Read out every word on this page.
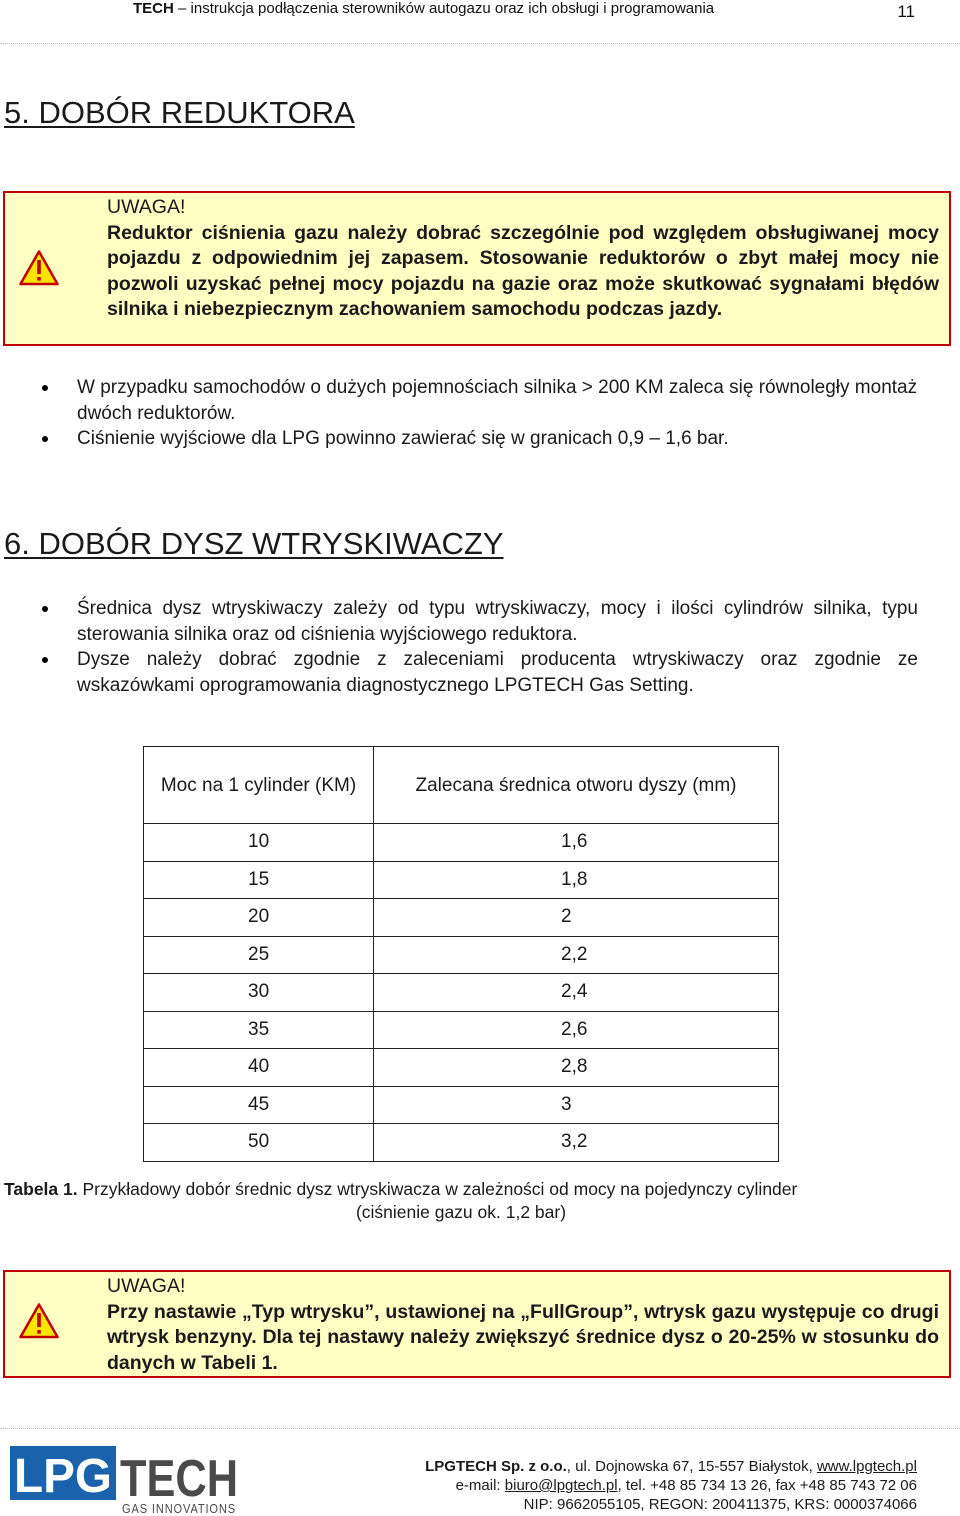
TECH – instrukcja podłączenia sterowników autogazu oraz ich obsługi i programowania	11
5. DOBÓR REDUKTORA
UWAGA!
Reduktor ciśnienia gazu należy dobrać szczególnie pod względem obsługiwanej mocy pojazdu z odpowiednim jej zapasem. Stosowanie reduktorów o zbyt małej mocy nie pozwoli uzyskać pełnej mocy pojazdu na gazie oraz może skutkować sygnałami błędów silnika i niebezpiecznym zachowaniem samochodu podczas jazdy.
W przypadku samochodów o dużych pojemnościach silnika > 200 KM zaleca się równoległy montaż dwóch reduktorów.
Ciśnienie wyjściowe dla LPG powinno zawierać się w granicach 0,9 – 1,6 bar.
6. DOBÓR DYSZ WTRYSKIWACZY
Średnica dysz wtryskiwaczy zależy od typu wtryskiwaczy, mocy i ilości cylindrów silnika, typu sterowania silnika oraz od ciśnienia wyjściowego reduktora.
Dysze należy dobrać zgodnie z zaleceniami producenta wtryskiwaczy oraz zgodnie ze wskazówkami oprogramowania diagnostycznego LPGTECH Gas Setting.
Moc na 1 cylinder (KM)	Zalecana średnica otworu dyszy (mm)
10	1,6
15	1,8
20	2
25	2,2
30	2,4
35	2,6
40	2,8
45	3
50	3,2
Tabela 1. Przykładowy dobór średnic dysz wtryskiwacza w zależności od mocy na pojedynczy cylinder
(ciśnienie gazu ok. 1,2 bar)
UWAGA!
Przy nastawie „Typ wtrysku”, ustawionej na „FullGroup”, wtrysk gazu występuje co drugi wtrysk benzyny. Dla tej nastawy należy zwiększyć średnice dysz o 20-25% w stosunku do danych w Tabeli 1.
LPG TECH
GAS INNOVATIONS
LPGTECH Sp. z o.o., ul. Dojnowska 67, 15-557 Białystok, www.lpgtech.pl
e-mail: biuro@lpgtech.pl, tel. +48 85 734 13 26, fax +48 85 743 72 06
NIP: 9662055105, REGON: 200411375, KRS: 0000374066
